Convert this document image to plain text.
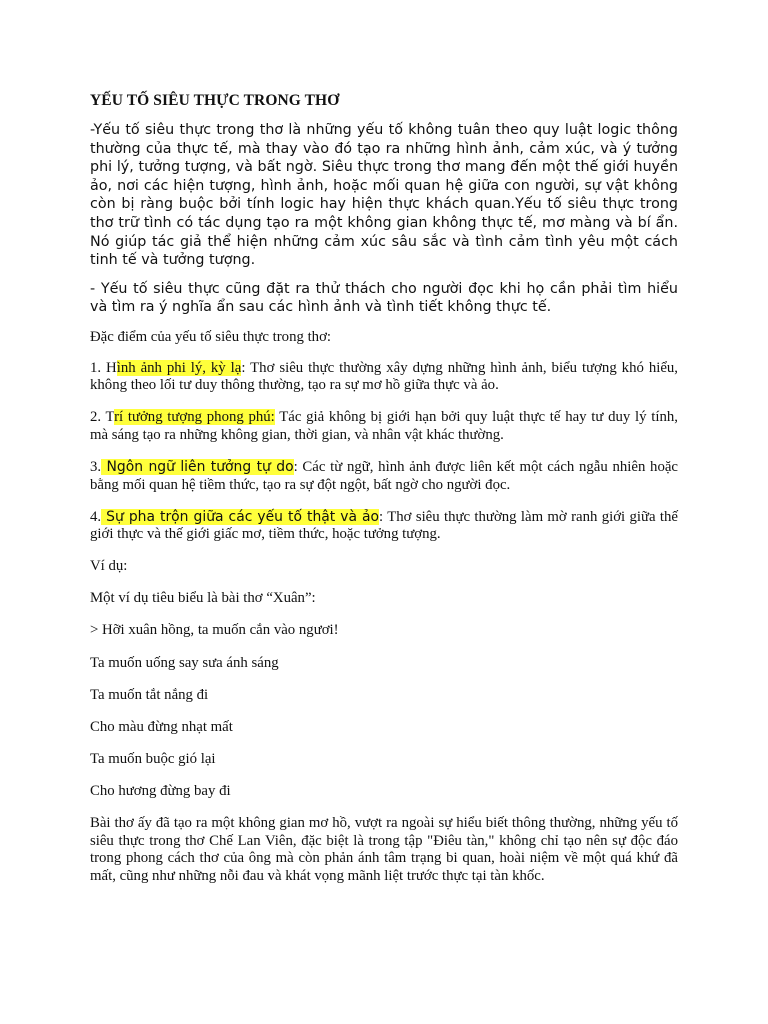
YẾU TỐ SIÊU THỰC TRONG THƠ

-Yếu tố siêu thực trong thơ là những yếu tố không tuân theo quy luật logic thông thường của thực tế, mà thay vào đó tạo ra những hình ảnh, cảm xúc, và ý tưởng phi lý, tưởng tượng, và bất ngờ. Siêu thực trong thơ mang đến một thế giới huyền ảo, nơi các hiện tượng, hình ảnh, hoặc mối quan hệ giữa con người, sự vật không còn bị ràng buộc bởi tính logic hay hiện thực khách quan.Yếu tố siêu thực trong thơ trữ tình có tác dụng tạo ra một không gian không thực tế, mơ màng và bí ẩn. Nó giúp tác giả thể hiện những cảm xúc sâu sắc và tình cảm tình yêu một cách tinh tế và tưởng tượng.

- Yếu tố siêu thực cũng đặt ra thử thách cho người đọc khi họ cần phải tìm hiểu và tìm ra ý nghĩa ẩn sau các hình ảnh và tình tiết không thực tế.

Đặc điểm của yếu tố siêu thực trong thơ:

1. Hình ảnh phi lý, kỳ lạ: Thơ siêu thực thường xây dựng những hình ảnh, biểu tượng khó hiểu, không theo lối tư duy thông thường, tạo ra sự mơ hồ giữa thực và ảo.

2. Trí tưởng tượng phong phú: Tác giả không bị giới hạn bởi quy luật thực tế hay tư duy lý tính, mà sáng tạo ra những không gian, thời gian, và nhân vật khác thường.

3. Ngôn ngữ liên tưởng tự do: Các từ ngữ, hình ảnh được liên kết một cách ngẫu nhiên hoặc bằng mối quan hệ tiềm thức, tạo ra sự đột ngột, bất ngờ cho người đọc.

4. Sự pha trộn giữa các yếu tố thật và ảo: Thơ siêu thực thường làm mờ ranh giới giữa thế giới thực và thế giới giấc mơ, tiềm thức, hoặc tưởng tượng.

Ví dụ:

Một ví dụ tiêu biểu là bài thơ “Xuân”:

> Hỡi xuân hồng, ta muốn cắn vào ngươi!

Ta muốn uống say sưa ánh sáng

Ta muốn tắt nắng đi

Cho màu đừng nhạt mất

Ta muốn buộc gió lại

Cho hương đừng bay đi

Bài thơ ấy đã tạo ra một không gian mơ hồ, vượt ra ngoài sự hiểu biết thông thường, những yếu tố siêu thực trong thơ Chế Lan Viên, đặc biệt là trong tập "Điêu tàn," không chỉ tạo nên sự độc đáo trong phong cách thơ của ông mà còn phản ánh tâm trạng bi quan, hoài niệm về một quá khứ đã mất, cũng như những nỗi đau và khát vọng mãnh liệt trước thực tại tàn khốc.
